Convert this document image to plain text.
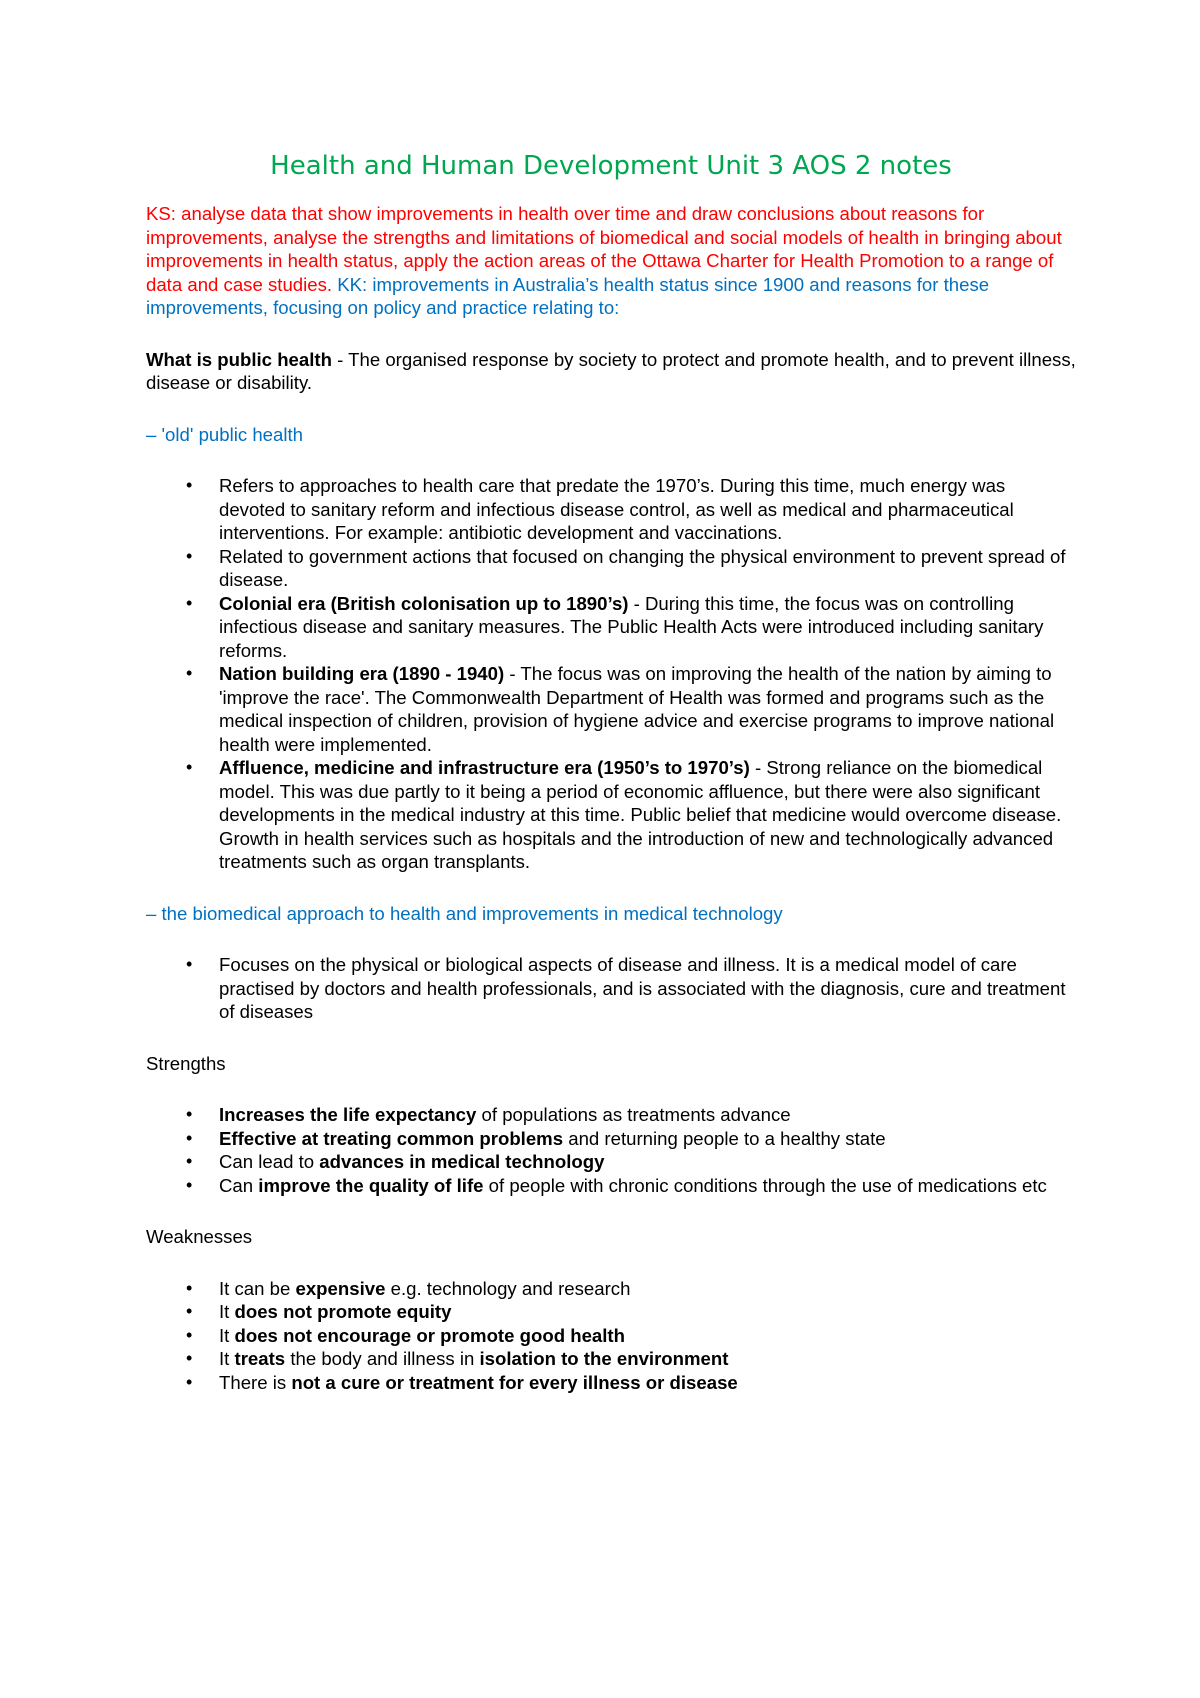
Health and Human Development Unit 3 AOS 2 notes

KS: analyse data that show improvements in health over time and draw conclusions about reasons for improvements, analyse the strengths and limitations of biomedical and social models of health in bringing about improvements in health status, apply the action areas of the Ottawa Charter for Health Promotion to a range of data and case studies. KK: improvements in Australia’s health status since 1900 and reasons for these improvements, focusing on policy and practice relating to:

What is public health - The organised response by society to protect and promote health, and to prevent illness, disease or disability.

– 'old' public health

• Refers to approaches to health care that predate the 1970’s. During this time, much energy was devoted to sanitary reform and infectious disease control, as well as medical and pharmaceutical interventions. For example: antibiotic development and vaccinations.
• Related to government actions that focused on changing the physical environment to prevent spread of disease.
• Colonial era (British colonisation up to 1890’s) - During this time, the focus was on controlling infectious disease and sanitary measures. The Public Health Acts were introduced including sanitary reforms.
• Nation building era (1890 - 1940) - The focus was on improving the health of the nation by aiming to 'improve the race'. The Commonwealth Department of Health was formed and programs such as the medical inspection of children, provision of hygiene advice and exercise programs to improve national health were implemented.
• Affluence, medicine and infrastructure era (1950’s to 1970’s) - Strong reliance on the biomedical model. This was due partly to it being a period of economic affluence, but there were also significant developments in the medical industry at this time. Public belief that medicine would overcome disease. Growth in health services such as hospitals and the introduction of new and technologically advanced treatments such as organ transplants.

– the biomedical approach to health and improvements in medical technology

• Focuses on the physical or biological aspects of disease and illness. It is a medical model of care practised by doctors and health professionals, and is associated with the diagnosis, cure and treatment of diseases

Strengths

• Increases the life expectancy of populations as treatments advance
• Effective at treating common problems and returning people to a healthy state
• Can lead to advances in medical technology
• Can improve the quality of life of people with chronic conditions through the use of medications etc

Weaknesses

• It can be expensive e.g. technology and research
• It does not promote equity
• It does not encourage or promote good health
• It treats the body and illness in isolation to the environment
• There is not a cure or treatment for every illness or disease
